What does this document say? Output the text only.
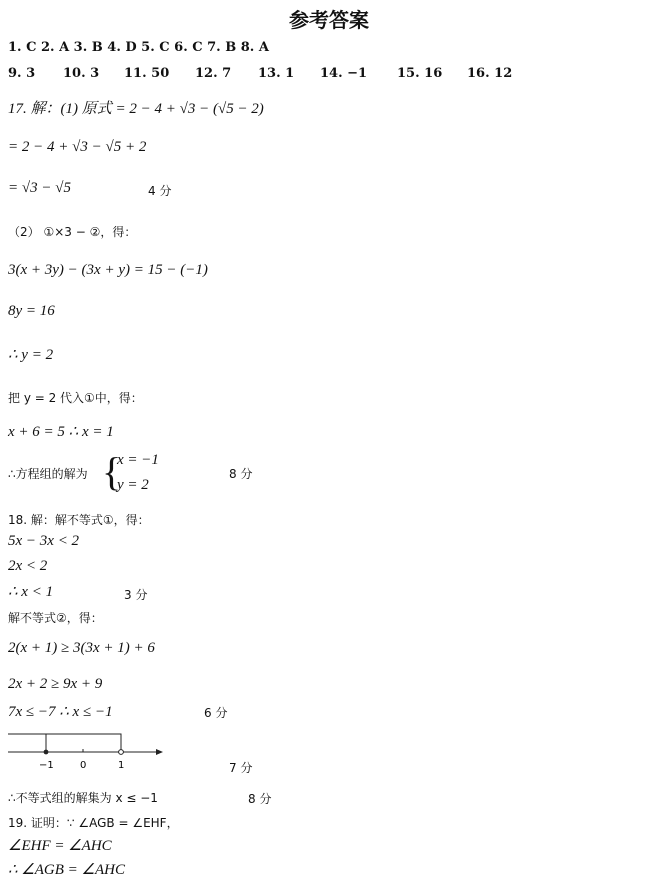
参考答案
1. C 2. A 3. B 4. D 5. C 6. C 7. B 8. A
9. 3 10. 3 11. 50 12. 7 13. 1 14. −1 15. 16 16. 12
17. 解：(1) 原式 = 2 − 4 + √3 − (√5 − 2)
= 2 − 4 + √3 − √5 + 2
= √3 − √5	4 分
（2） ①×3 − ②，得：
3(x + 3y) − (3x + y) = 15 − (−1)
8y = 16
∴ y = 2
把 y = 2 代入①中，得：
x + 6 = 5 ∴ x = 1
∴方程组的解为 {
x = −1
y = 2
8 分
18. 解：解不等式①，得：
5x − 3x < 2
2x < 2
∴ x < 1	3 分
解不等式②，得：
2(x + 1) ≥ 3(3x + 1) + 6
2x + 2 ≥ 9x + 9
7x ≤ −7 ∴ x ≤ −1	6 分
−1	0	1	7 分
∴不等式组的解集为 x ≤ −1	8 分
19. 证明：∵ ∠AGB = ∠EHF，
∠EHF = ∠AHC
∴ ∠AGB = ∠AHC
